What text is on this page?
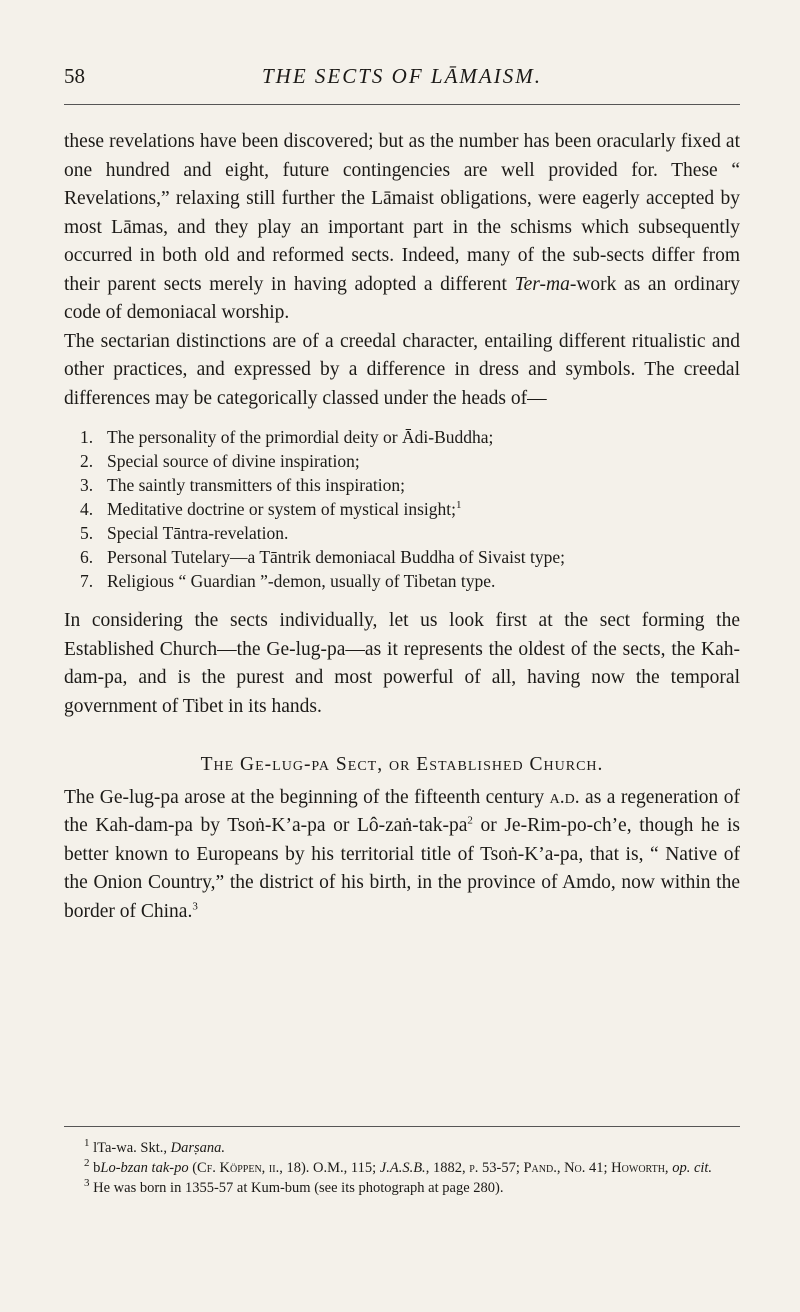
58	THE SECTS OF LĀMAISM.

these revelations have been discovered; but as the number has been oracularly fixed at one hundred and eight, future contingencies are well provided for. These “ Revelations,” relaxing still further the Lāmaist obligations, were eagerly accepted by most Lāmas, and they play an important part in the schisms which subsequently occurred in both old and reformed sects. Indeed, many of the sub-sects differ from their parent sects merely in having adopted a different Ter-ma-work as an ordinary code of demoniacal worship.

The sectarian distinctions are of a creedal character, entailing different ritualistic and other practices, and expressed by a difference in dress and symbols. The creedal differences may be categorically classed under the heads of—

1. The personality of the primordial deity or Ādi-Buddha;
2. Special source of divine inspiration;
3. The saintly transmitters of this inspiration;
4. Meditative doctrine or system of mystical insight;$^1$
5. Special Tāntra-revelation.
6. Personal Tutelary—a Tāntrik demoniacal Buddha of Sivaist type;
7. Religious “ Guardian ”-demon, usually of Tibetan type.

In considering the sects individually, let us look first at the sect forming the Established Church—the Ge-lug-pa—as it represents the oldest of the sects, the Kah-dam-pa, and is the purest and most powerful of all, having now the temporal government of Tibet in its hands.

The Ge-lug-pa Sect, or Established Church.

The Ge-lug-pa arose at the beginning of the fifteenth century a.d. as a regeneration of the Kah-dam-pa by Tsoṅ-K’a-pa or $Lô-zaṅ-tak-pa^2$ or Je-Rim-po-ch’e, though he is better known to Europeans by his territorial title of Tsoṅ-K’a-pa, that is, “ Native of the Onion Country,” the district of his birth, in the province of Amdo, now within the border of China.$^3$

$^1$ lTa-wa. Skt., Darṣana.

$^2$ bLo-bzan tak-po (Cf. Köppen, ii., 18). O.M., 115; J.A.S.B., 1882, p. 53-57; Pand., No. 41; Howorth, op. cit.

$^3$ He was born in 1355-57 at Kum-bum (see its photograph at page 280).
